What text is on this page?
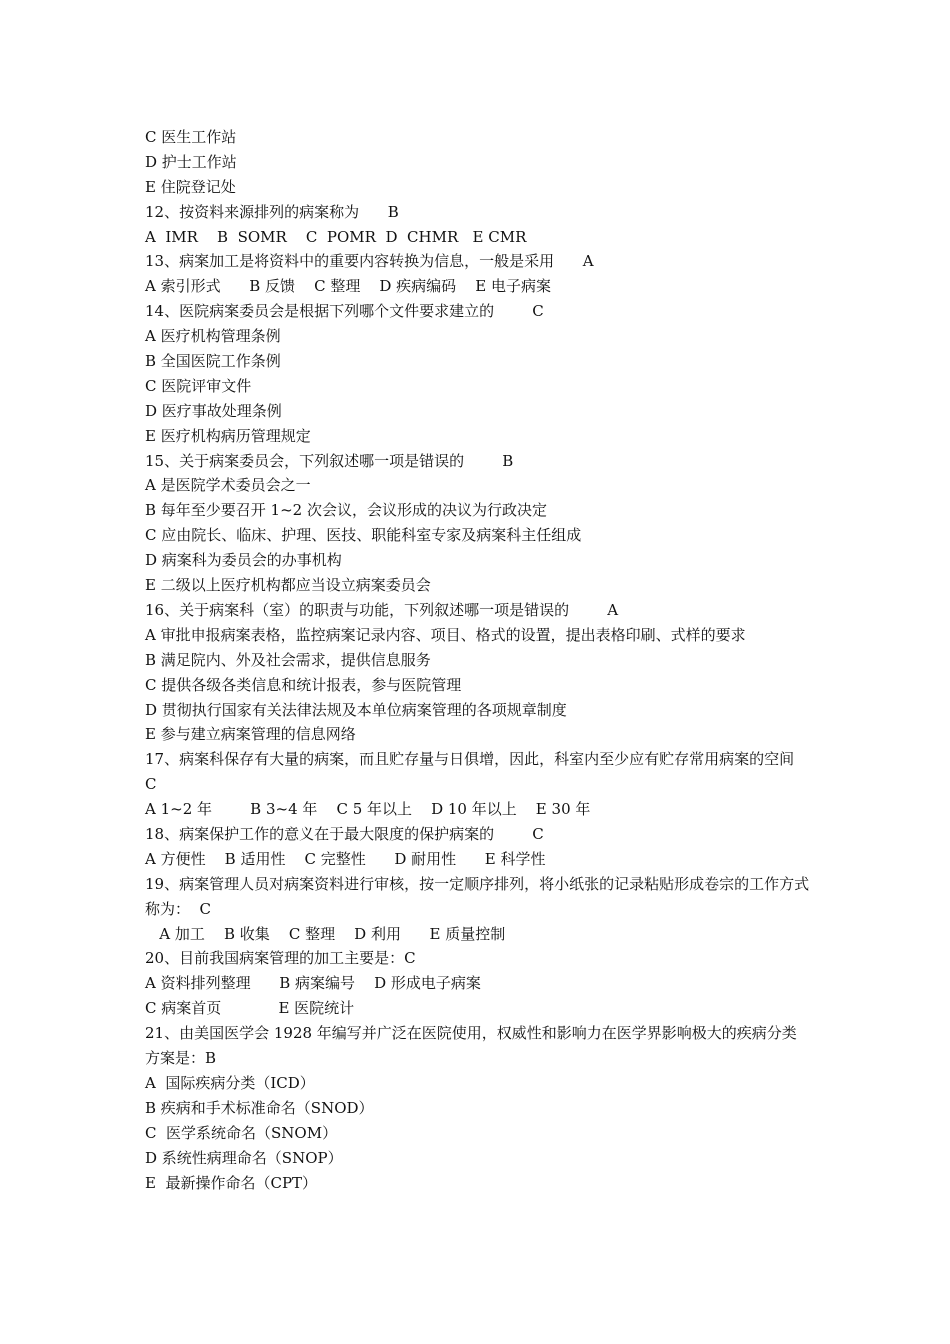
C 医生工作站
D 护士工作站
E 住院登记处
12、按资料来源排列的病案称为      B
A  IMR    B  SOMR    C  POMR  D  CHMR   E CMR
13、病案加工是将资料中的重要内容转换为信息，一般是采用      A
A 索引形式      B 反馈    C 整理    D 疾病编码    E 电子病案
14、医院病案委员会是根据下列哪个文件要求建立的        C
A 医疗机构管理条例
B 全国医院工作条例
C 医院评审文件
D 医疗事故处理条例
E 医疗机构病历管理规定
15、关于病案委员会，下列叙述哪一项是错误的        B
A 是医院学术委员会之一
B 每年至少要召开 1~2 次会议，会议形成的决议为行政决定
C 应由院长、临床、护理、医技、职能科室专家及病案科主任组成
D 病案科为委员会的办事机构
E 二级以上医疗机构都应当设立病案委员会
16、关于病案科（室）的职责与功能，下列叙述哪一项是错误的        A
A 审批申报病案表格，监控病案记录内容、项目、格式的设置，提出表格印刷、式样的要求
B 满足院内、外及社会需求，提供信息服务
C 提供各级各类信息和统计报表，参与医院管理
D 贯彻执行国家有关法律法规及本单位病案管理的各项规章制度
E 参与建立病案管理的信息网络
17、病案科保存有大量的病案，而且贮存量与日俱增，因此，科室内至少应有贮存常用病案的空间        C
A 1~2 年        B 3~4 年    C 5 年以上    D 10 年以上    E 30 年
18、病案保护工作的意义在于最大限度的保护病案的        C
A 方便性    B 适用性    C 完整性      D 耐用性      E 科学性
19、病案管理人员对病案资料进行审核，按一定顺序排列，将小纸张的记录粘贴形成卷宗的工作方式称为：  C
A 加工    B 收集    C 整理    D 利用      E 质量控制
20、目前我国病案管理的加工主要是：C
A 资料排列整理      B 病案编号    D 形成电子病案
C 病案首页            E 医院统计
21、由美国医学会 1928 年编写并广泛在医院使用，权威性和影响力在医学界影响极大的疾病分类方案是：B
A  国际疾病分类（ICD）
B 疾病和手术标准命名（SNOD）
C  医学系统命名（SNOM）
D 系统性病理命名（SNOP）
E  最新操作命名（CPT）
